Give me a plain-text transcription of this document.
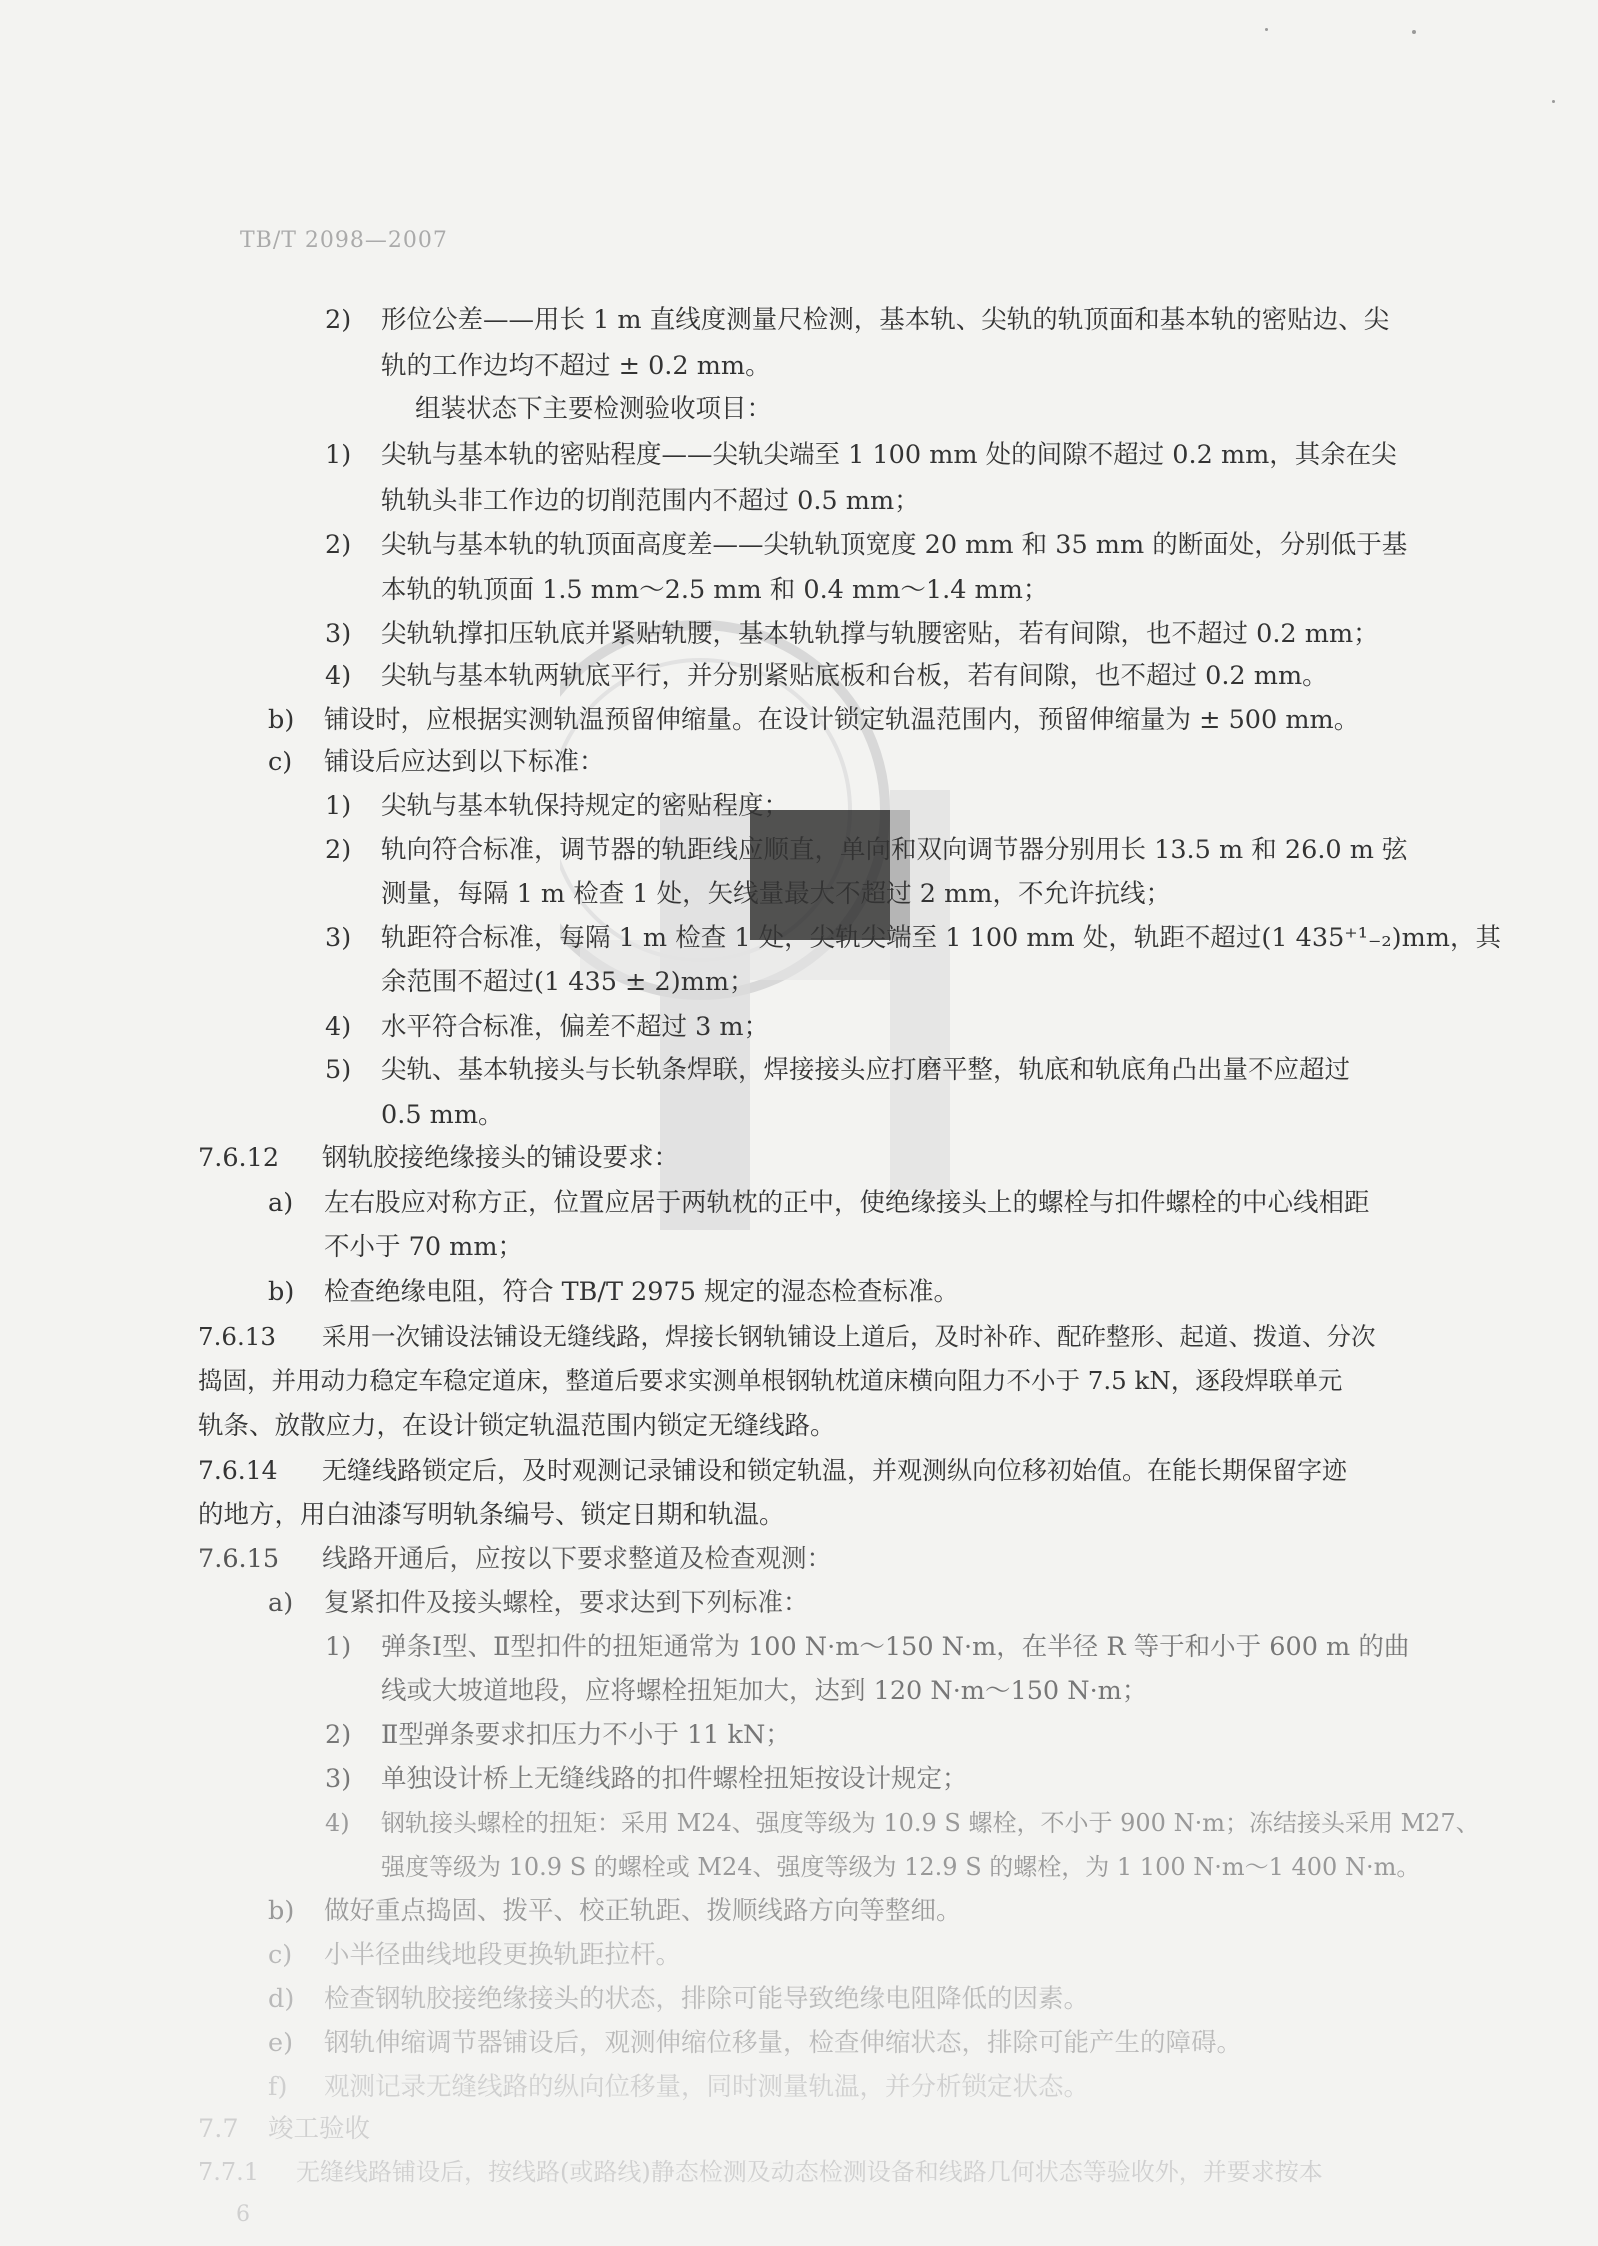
TB/T 2098—2007
2) 形位公差——用长 1 m 直线度测量尺检测，基本轨、尖轨的轨顶面和基本轨的密贴边、尖
轨的工作边均不超过 ± 0.2 mm。
组装状态下主要检测验收项目：
1) 尖轨与基本轨的密贴程度——尖轨尖端至 1 100 mm 处的间隙不超过 0.2 mm，其余在尖
轨轨头非工作边的切削范围内不超过 0.5 mm；
2) 尖轨与基本轨的轨顶面高度差——尖轨轨顶宽度 20 mm 和 35 mm 的断面处，分别低于基
本轨的轨顶面 1.5 mm～2.5 mm 和 0.4 mm～1.4 mm；
3) 尖轨轨撑扣压轨底并紧贴轨腰，基本轨轨撑与轨腰密贴，若有间隙，也不超过 0.2 mm；
4) 尖轨与基本轨两轨底平行，并分别紧贴底板和台板，若有间隙，也不超过 0.2 mm。
b) 铺设时，应根据实测轨温预留伸缩量。在设计锁定轨温范围内，预留伸缩量为 ± 500 mm。
c) 铺设后应达到以下标准：
1) 尖轨与基本轨保持规定的密贴程度；
2) 轨向符合标准，调节器的轨距线应顺直，单向和双向调节器分别用长 13.5 m 和 26.0 m 弦
测量，每隔 1 m 检查 1 处，矢线量最大不超过 2 mm，不允许抗线；
3) 轨距符合标准，每隔 1 m 检查 1 处，尖轨尖端至 1 100 mm 处，轨距不超过(1 435⁺¹₋₂)mm，其
余范围不超过(1 435 ± 2)mm；
4) 水平符合标准，偏差不超过 3 m；
5) 尖轨、基本轨接头与长轨条焊联，焊接接头应打磨平整，轨底和轨底角凸出量不应超过
0.5 mm。
7.6.12 钢轨胶接绝缘接头的铺设要求：
a) 左右股应对称方正，位置应居于两轨枕的正中，使绝缘接头上的螺栓与扣件螺栓的中心线相距
不小于 70 mm；
b) 检查绝缘电阻，符合 TB/T 2975 规定的湿态检查标准。
7.6.13 采用一次铺设法铺设无缝线路，焊接长钢轨铺设上道后，及时补砟、配砟整形、起道、拨道、分次
捣固，并用动力稳定车稳定道床，整道后要求实测单根钢轨枕道床横向阻力不小于 7.5 kN，逐段焊联单元
轨条、放散应力，在设计锁定轨温范围内锁定无缝线路。
7.6.14 无缝线路锁定后，及时观测记录铺设和锁定轨温，并观测纵向位移初始值。在能长期保留字迹
的地方，用白油漆写明轨条编号、锁定日期和轨温。
7.6.15 线路开通后，应按以下要求整道及检查观测：
a) 复紧扣件及接头螺栓，要求达到下列标准：
1) 弹条Ⅰ型、Ⅱ型扣件的扭矩通常为 100 N·m～150 N·m，在半径 R 等于和小于 600 m 的曲
线或大坡道地段，应将螺栓扭矩加大，达到 120 N·m～150 N·m；
2) Ⅱ型弹条要求扣压力不小于 11 kN；
3) 单独设计桥上无缝线路的扣件螺栓扭矩按设计规定；
4) 钢轨接头螺栓的扭矩：采用 M24、强度等级为 10.9 S 螺栓，不小于 900 N·m；冻结接头采用 M27、
强度等级为 10.9 S 的螺栓或 M24、强度等级为 12.9 S 的螺栓，为 1 100 N·m～1 400 N·m。
b) 做好重点捣固、拨平、校正轨距、拨顺线路方向等整细。
c) 小半径曲线地段更换轨距拉杆。
d) 检查钢轨胶接绝缘接头的状态，排除可能导致绝缘电阻降低的因素。
e) 钢轨伸缩调节器铺设后，观测伸缩位移量，检查伸缩状态，排除可能产生的障碍。
f) 观测记录无缝线路的纵向位移量，同时测量轨温，并分析锁定状态。
7.7 竣工验收
7.7.1 无缝线路铺设后，按线路(或路线)静态检测及动态检测设备和线路几何状态等验收外，并要求按本
6
